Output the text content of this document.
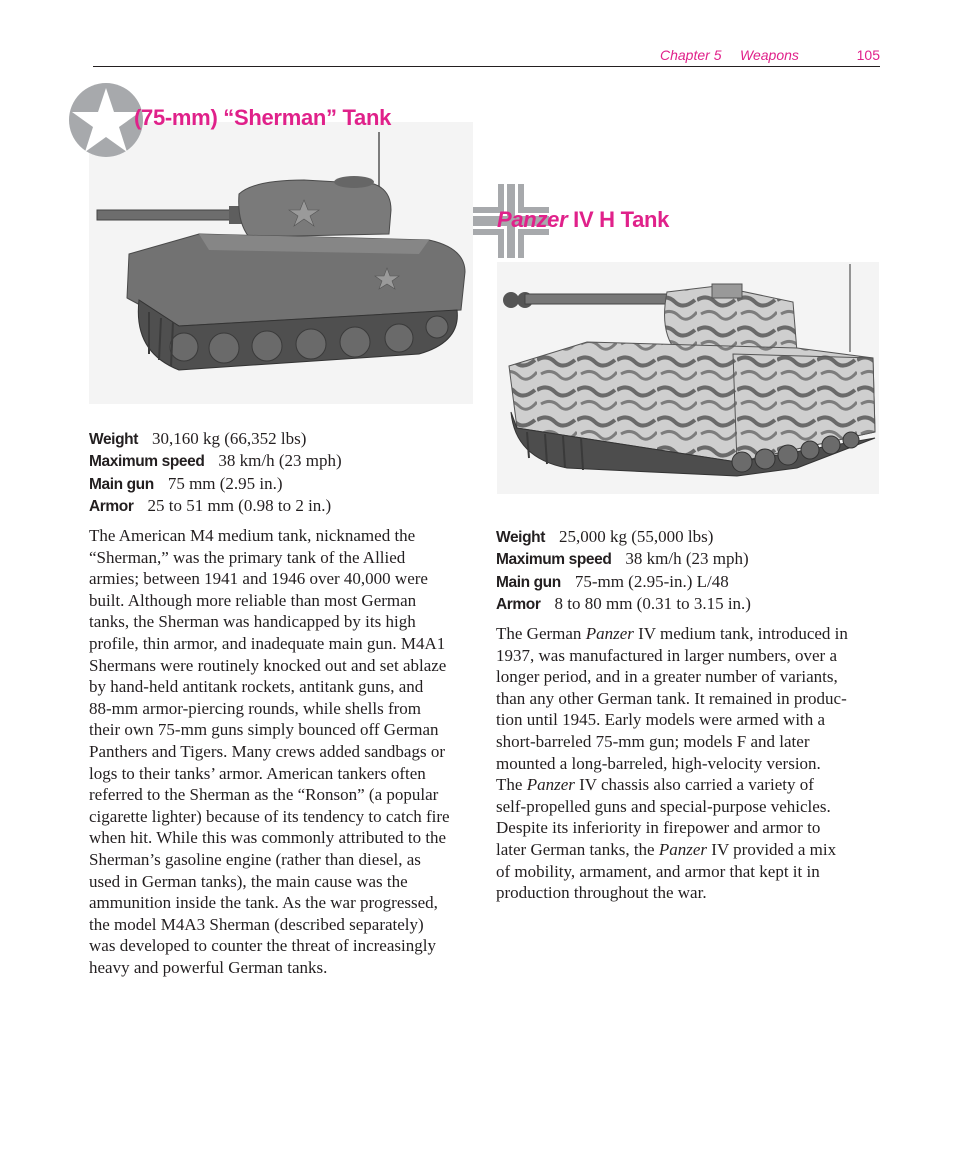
Chapter 5 Weapons	105
(75-mm) “Sherman” Tank
Weight 30,160 kg (66,352 lbs)
Maximum speed 38 km/h (23 mph)
Main gun 75 mm (2.95 in.)
Armor 25 to 51 mm (0.98 to 2 in.)
The American M4 medium tank, nicknamed the
“Sherman,” was the primary tank of the Allied
armies; between 1941 and 1946 over 40,000 were
built. Although more reliable than most German
tanks, the Sherman was handicapped by its high
profile, thin armor, and inadequate main gun. M4A1
Shermans were routinely knocked out and set ablaze
by hand-held antitank rockets, antitank guns, and
88-mm armor-piercing rounds, while shells from
their own 75-mm guns simply bounced off German
Panthers and Tigers. Many crews added sandbags or
logs to their tanks’ armor. American tankers often
referred to the Sherman as the “Ronson” (a popular
cigarette lighter) because of its tendency to catch fire
when hit. While this was commonly attributed to the
Sherman’s gasoline engine (rather than diesel, as
used in German tanks), the main cause was the
ammunition inside the tank. As the war progressed,
the model M4A3 Sherman (described separately)
was developed to counter the threat of increasingly
heavy and powerful German tanks.
Panzer IV H Tank
Weight 25,000 kg (55,000 lbs)
Maximum speed 38 km/h (23 mph)
Main gun 75-mm (2.95-in.) L/48
Armor 8 to 80 mm (0.31 to 3.15 in.)
The German Panzer IV medium tank, introduced in
1937, was manufactured in larger numbers, over a
longer period, and in a greater number of variants,
than any other German tank. It remained in produc-
tion until 1945. Early models were armed with a
short-barreled 75-mm gun; models F and later
mounted a long-barreled, high-velocity version.
The Panzer IV chassis also carried a variety of
self-propelled guns and special-purpose vehicles.
Despite its inferiority in firepower and armor to
later German tanks, the Panzer IV provided a mix
of mobility, armament, and armor that kept it in
production throughout the war.
